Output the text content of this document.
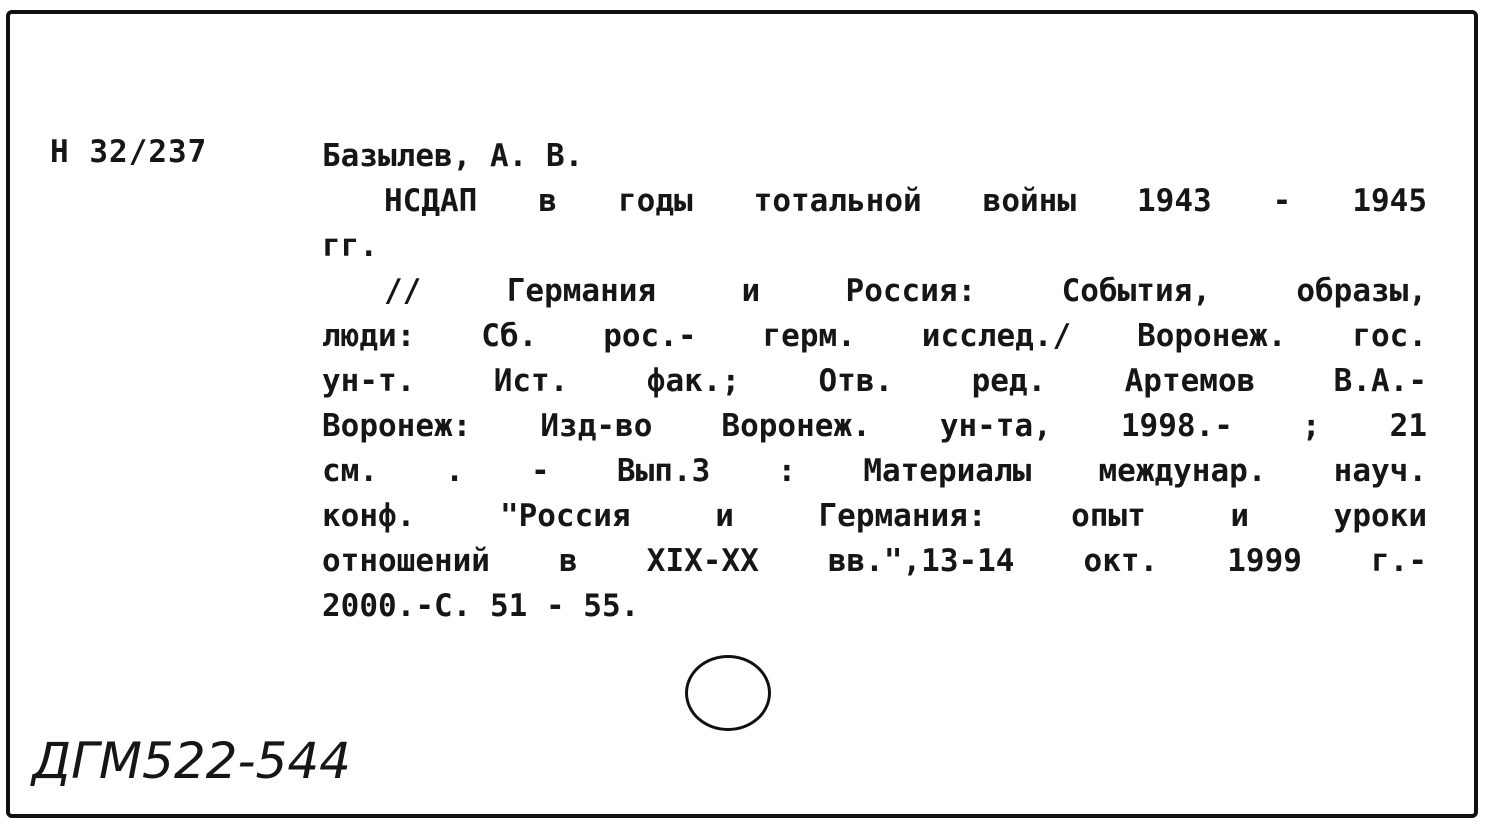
Н 32/237	Базылев, А. В.
НСДАП в годы тотальной войны 1943 - 1945
гг.
// Германия и Россия: События, образы,
люди: Сб. рос.- герм. исслед./ Воронеж. гос.
ун-т. Ист. фак.; Отв. ред. Артемов В.А.-
Воронеж: Изд-во Воронеж. ун-та, 1998.- ; 21
см. . - Вып.3 : Материалы междунар. науч.
конф. "Россия и Германия: опыт и уроки
отношений в XIX-XX вв.",13-14 окт. 1999 г.-
2000.-С. 51 - 55.
ДГМ522-544
